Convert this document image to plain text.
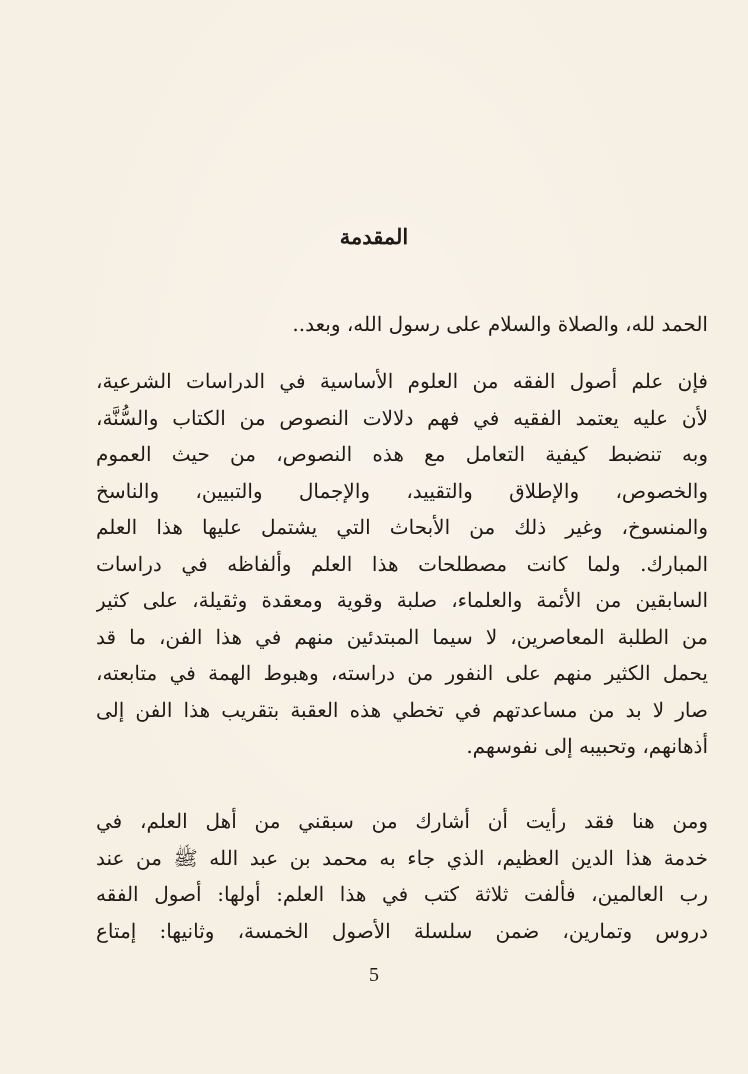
المقدمة
الحمد لله، والصلاة والسلام على رسول الله، وبعد..
فإن علم أصول الفقه من العلوم الأساسية في الدراسات الشرعية،
لأن عليه يعتمد الفقيه في فهم دلالات النصوص من الكتاب والسُّنَّة،
وبه تنضبط كيفية التعامل مع هذه النصوص، من حيث العموم
والخصوص، والإطلاق والتقييد، والإجمال والتبيين، والناسخ
والمنسوخ، وغير ذلك من الأبحاث التي يشتمل عليها هذا العلم
المبارك. ولما كانت مصطلحات هذا العلم وألفاظه في دراسات
السابقين من الأئمة والعلماء، صلبة وقوية ومعقدة وثقيلة، على كثير
من الطلبة المعاصرين، لا سيما المبتدئين منهم في هذا الفن، ما قد
يحمل الكثير منهم على النفور من دراسته، وهبوط الهمة في متابعته،
صار لا بد من مساعدتهم في تخطي هذه العقبة بتقريب هذا الفن إلى
أذهانهم، وتحبيبه إلى نفوسهم.
ومن هنا فقد رأيت أن أشارك من سبقني من أهل العلم، في
خدمة هذا الدين العظيم، الذي جاء به محمد بن عبد الله ﷺ من عند
رب العالمين، فألفت ثلاثة كتب في هذا العلم: أولها: أصول الفقه
دروس وتمارين، ضمن سلسلة الأصول الخمسة، وثانيها: إمتاع
5
